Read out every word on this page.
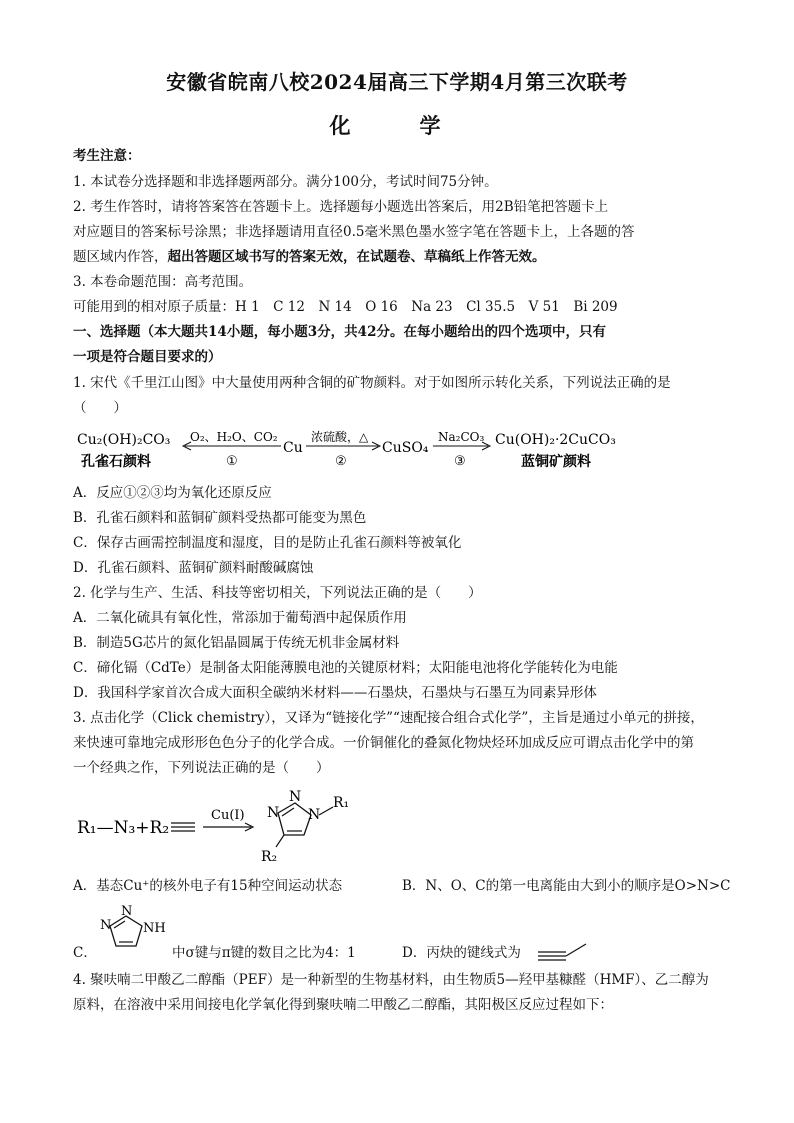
安徽省皖南八校2024届高三下学期4月第三次联考
化　学
考生注意：
1. 本试卷分选择题和非选择题两部分。满分100分，考试时间75分钟。
2. 考生作答时，请将答案答在答题卡上。选择题每小题选出答案后，用2B铅笔把答题卡上
对应题目的答案标号涂黑；非选择题请用直径0.5毫米黑色墨水签字笔在答题卡上，上各题的答
题区域内作答，超出答题区域书写的答案无效，在试题卷、草稿纸上作答无效。
3. 本卷命题范围：高考范围。
可能用到的相对原子质量：H 1　C 12　N 14　O 16　Na 23　Cl 35.5　V 51　Bi 209
一、选择题（本大题共14小题，每小题3分，共42分。在每小题给出的四个选项中，只有
一项是符合题目要求的）
1. 宋代《千里江山图》中大量使用两种含铜的矿物颜料。对于如图所示转化关系，下列说法正确的是
（　　）
Cu₂(OH)₂CO₃
孔雀石颜料
O₂、H₂O、CO₂
①
Cu
浓硫酸，△
②
CuSO₄
Na₂CO₃
③
Cu(OH)₂·2CuCO₃
蓝铜矿颜料
A．反应①②③均为氧化还原反应
B．孔雀石颜料和蓝铜矿颜料受热都可能变为黑色
C．保存古画需控制温度和湿度，目的是防止孔雀石颜料等被氧化
D．孔雀石颜料、蓝铜矿颜料耐酸碱腐蚀
2. 化学与生产、生活、科技等密切相关，下列说法正确的是（　　）
A．二氧化硫具有氧化性，常添加于葡萄酒中起保质作用
B．制造5G芯片的氮化铝晶圆属于传统无机非金属材料
C．碲化镉（CdTe）是制备太阳能薄膜电池的关键原材料；太阳能电池将化学能转化为电能
D．我国科学家首次合成大面积全碳纳米材料——石墨炔，石墨炔与石墨互为同素异形体
3. 点击化学（Click chemistry），又译为“链接化学”“速配接合组合式化学”，主旨是通过小单元的拼接，
来快速可靠地完成形形色色分子的化学合成。一价铜催化的叠氮化物炔烃环加成反应可谓点击化学中的第
一个经典之作，下列说法正确的是（　　）
R₁—N₃+R₂
Cu(I) N
N
N
R₁
R₂
A．基态Cu⁺的核外电子有15种空间运动状态	B．N、O、C的第一电离能由大到小的顺序是O>N>C
C．
N
N
NH
中σ键与π键的数目之比为4：1	D．丙炔的键线式为
4. 聚呋喃二甲酸乙二醇酯（PEF）是一种新型的生物基材料，由生物质5—羟甲基糠醛（HMF）、乙二醇为
原料，在溶液中采用间接电化学氧化得到聚呋喃二甲酸乙二醇酯，其阳极区反应过程如下：
